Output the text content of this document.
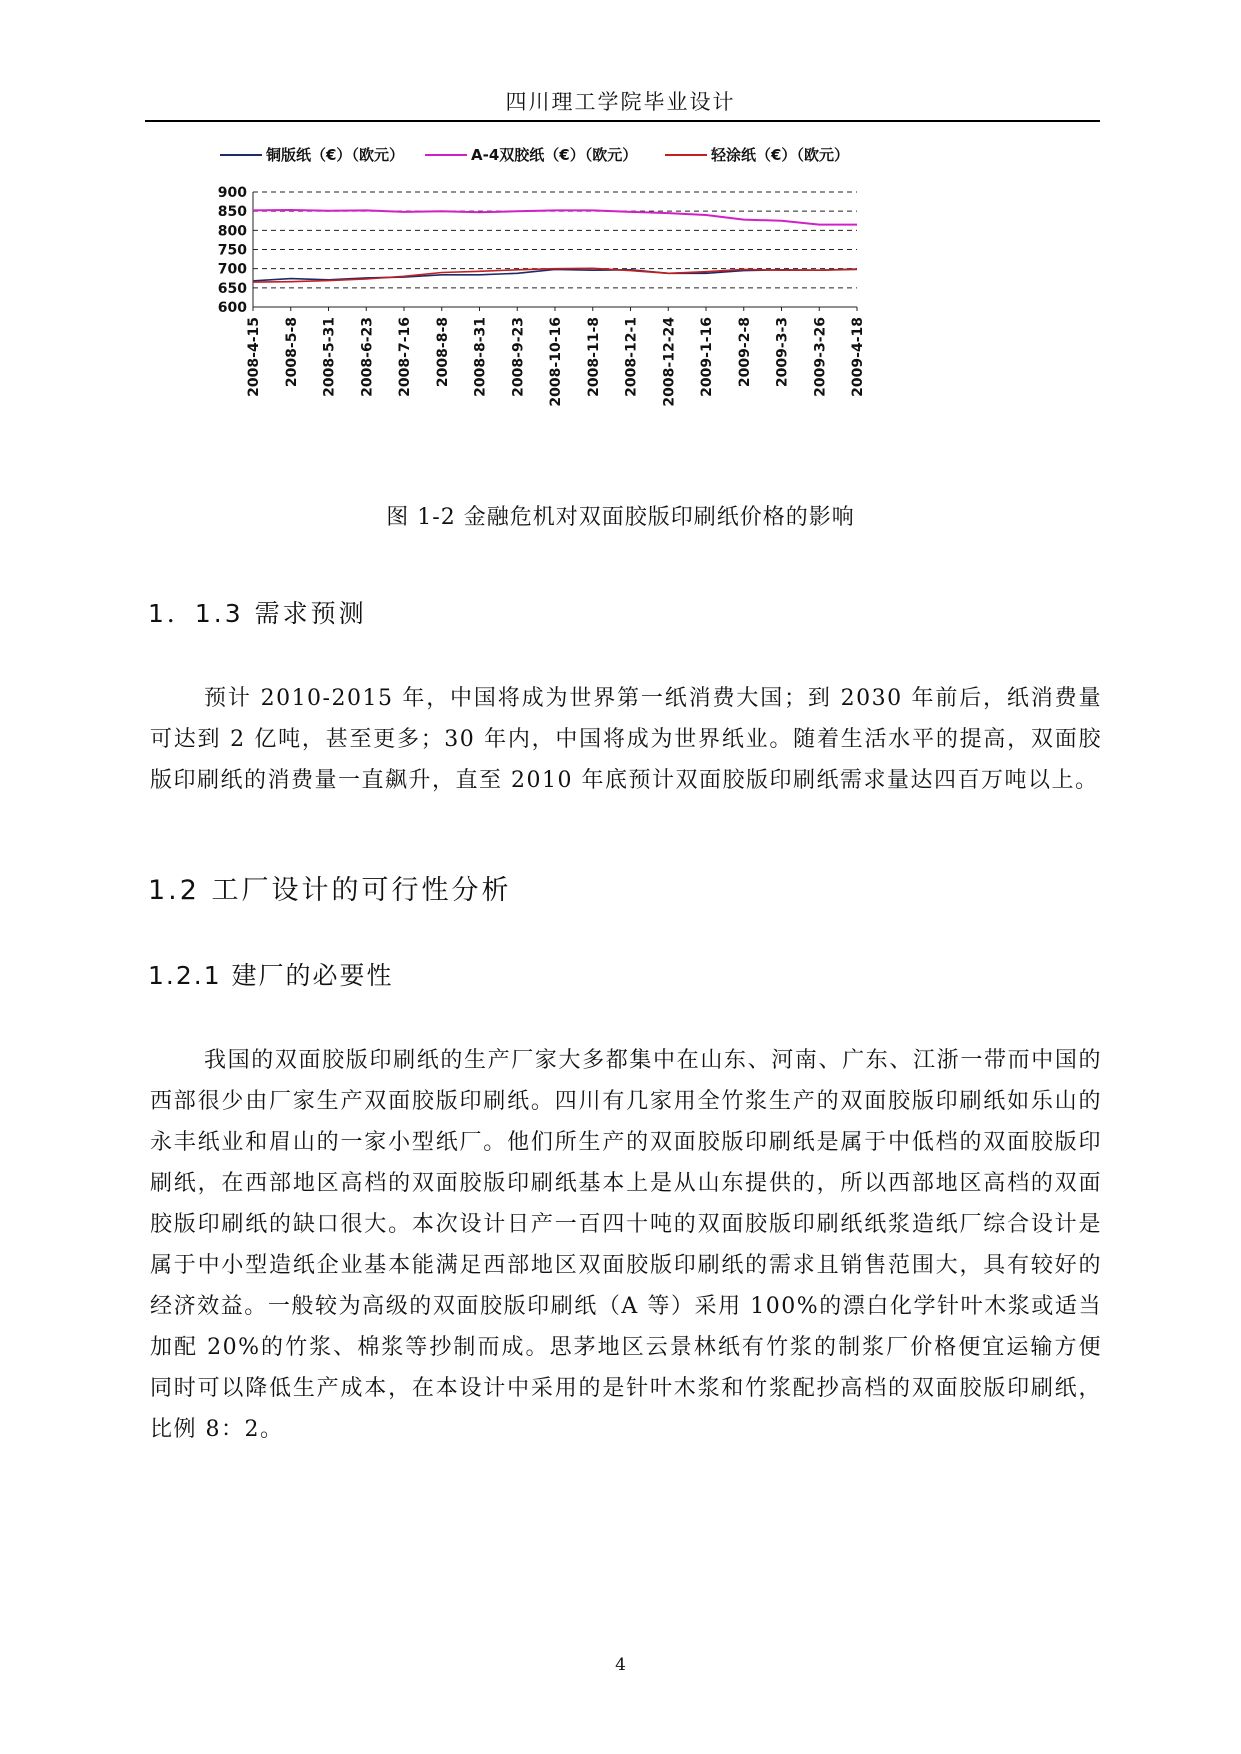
四川理工学院毕业设计
铜版纸（€）（欧元）	A-4双胶纸（€）（欧元）	轻涂纸（€）（欧元）
900
850
800
750
700
650
600
2008-4-15 2008-5-8 2008-5-31 2008-6-23 2008-7-16 2008-8-8 2008-8-31 2008-9-23 2008-10-16 2008-11-8 2008-12-1 2008-12-24 2009-1-16 2009-2-8 2009-3-3 2009-3-26 2009-4-18
图 1-2 金融危机对双面胶版印刷纸价格的影响
1．1.3 需求预测
预计 2010-2015 年，中国将成为世界第一纸消费大国；到 2030 年前后，纸消费量可达到 2 亿吨，甚至更多；30 年内，中国将成为世界纸业。随着生活水平的提高，双面胶版印刷纸的消费量一直飙升，直至 2010 年底预计双面胶版印刷纸需求量达四百万吨以上。
1.2 工厂设计的可行性分析
1.2.1 建厂的必要性
我国的双面胶版印刷纸的生产厂家大多都集中在山东、河南、广东、江浙一带而中国的西部很少由厂家生产双面胶版印刷纸。四川有几家用全竹浆生产的双面胶版印刷纸如乐山的永丰纸业和眉山的一家小型纸厂。他们所生产的双面胶版印刷纸是属于中低档的双面胶版印刷纸，在西部地区高档的双面胶版印刷纸基本上是从山东提供的，所以西部地区高档的双面胶版印刷纸的缺口很大。本次设计日产一百四十吨的双面胶版印刷纸纸浆造纸厂综合设计是属于中小型造纸企业基本能满足西部地区双面胶版印刷纸的需求且销售范围大，具有较好的经济效益。一般较为高级的双面胶版印刷纸（A 等）采用 100%的漂白化学针叶木浆或适当加配 20%的竹浆、棉浆等抄制而成。思茅地区云景林纸有竹浆的制浆厂价格便宜运输方便同时可以降低生产成本，在本设计中采用的是针叶木浆和竹浆配抄高档的双面胶版印刷纸，比例 8：2。
4
